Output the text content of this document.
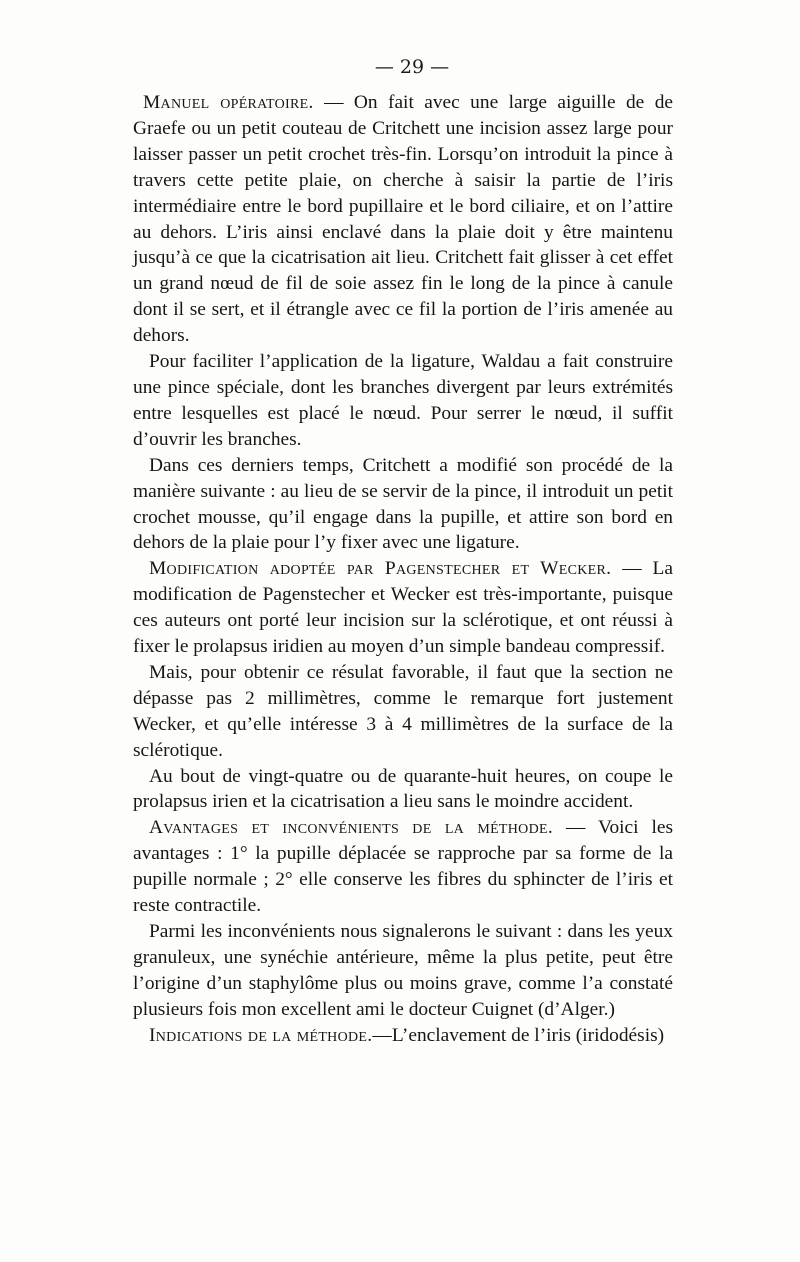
— 29 —

Manuel opératoire. — On fait avec une large aiguille de de Graefe ou un petit couteau de Critchett une incision assez large pour laisser passer un petit crochet très-fin. Lorsqu’on introduit la pince à travers cette petite plaie, on cherche à saisir la partie de l’iris intermédiaire entre le bord pupillaire et le bord ciliaire, et on l’attire au dehors. L’iris ainsi enclavé dans la plaie doit y être maintenu jusqu’à ce que la cicatrisation ait lieu. Critchett fait glisser à cet effet un grand nœud de fil de soie assez fin le long de la pince à canule dont il se sert, et il étrangle avec ce fil la portion de l’iris amenée au dehors.

Pour faciliter l’application de la ligature, Waldau a fait construire une pince spéciale, dont les branches divergent par leurs extrémités entre lesquelles est placé le nœud. Pour serrer le nœud, il suffit d’ouvrir les branches.

Dans ces derniers temps, Critchett a modifié son procédé de la manière suivante : au lieu de se servir de la pince, il introduit un petit crochet mousse, qu’il engage dans la pupille, et attire son bord en dehors de la plaie pour l’y fixer avec une ligature.

Modification adoptée par Pagenstecher et Wecker. — La modification de Pagenstecher et Wecker est très-importante, puisque ces auteurs ont porté leur incision sur la sclérotique, et ont réussi à fixer le prolapsus iridien au moyen d’un simple bandeau compressif.

Mais, pour obtenir ce résulat favorable, il faut que la section ne dépasse pas 2 millimètres, comme le remarque fort justement Wecker, et qu’elle intéresse 3 à 4 millimètres de la surface de la sclérotique.

Au bout de vingt-quatre ou de quarante-huit heures, on coupe le prolapsus irien et la cicatrisation a lieu sans le moindre accident.

Avantages et inconvénients de la méthode. — Voici les avantages : 1° la pupille déplacée se rapproche par sa forme de la pupille normale ; 2° elle conserve les fibres du sphincter de l’iris et reste contractile.

Parmi les inconvénients nous signalerons le suivant : dans les yeux granuleux, une synéchie antérieure, même la plus petite, peut être l’origine d’un staphylôme plus ou moins grave, comme l’a constaté plusieurs fois mon excellent ami le docteur Cuignet (d’Alger.)

Indications de la méthode.—L’enclavement de l’iris (iridodésis)
